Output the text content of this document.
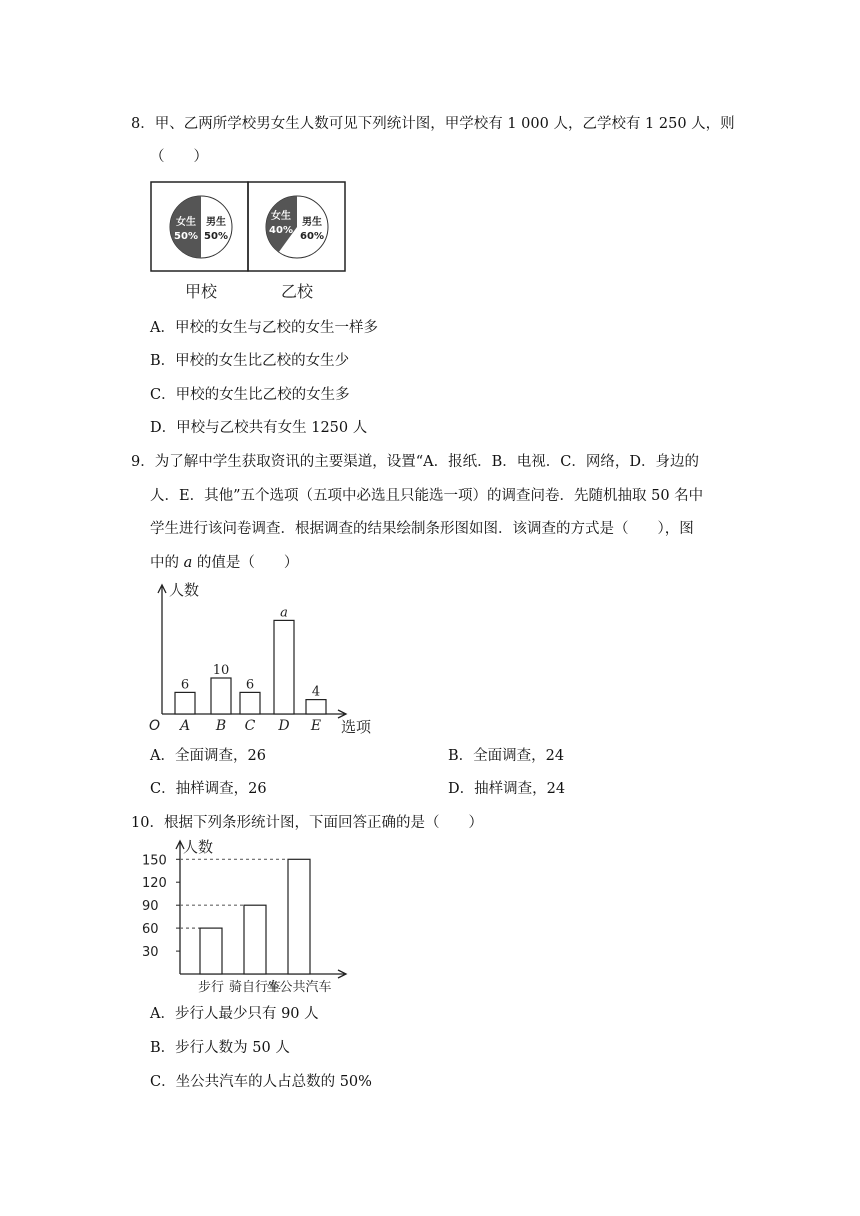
8．甲、乙两所学校男女生人数可见下列统计图，甲学校有 1 000 人，乙学校有 1 250 人，则
（　　）
女生
50%
男生
50%
女生
40%
男生
60%
甲校	乙校
A．甲校的女生与乙校的女生一样多
B．甲校的女生比乙校的女生少
C．甲校的女生比乙校的女生多
D．甲校与乙校共有女生 1250 人
9．为了解中学生获取资讯的主要渠道，设置“A．报纸．B．电视．C．网络，D．身边的
人．E．其他”五个选项（五项中必选且只能选一项）的调查问卷．先随机抽取 50 名中
学生进行该问卷调查．根据调查的结果绘制条形图如图．该调查的方式是（　　），图
中的 a 的值是（　　）
人数
选项
O
6
A
10
B
6
C
a
D
4
E
A．全面调查，26	B．全面调查，24
C．抽样调查，26	D．抽样调查，24
10．根据下列条形统计图，下面回答正确的是（　　）
人数
30
60
90
120
150
步行 骑自行车
坐公共汽车
A．步行人最少只有 90 人
B．步行人数为 50 人
C．坐公共汽车的人占总数的 50%
